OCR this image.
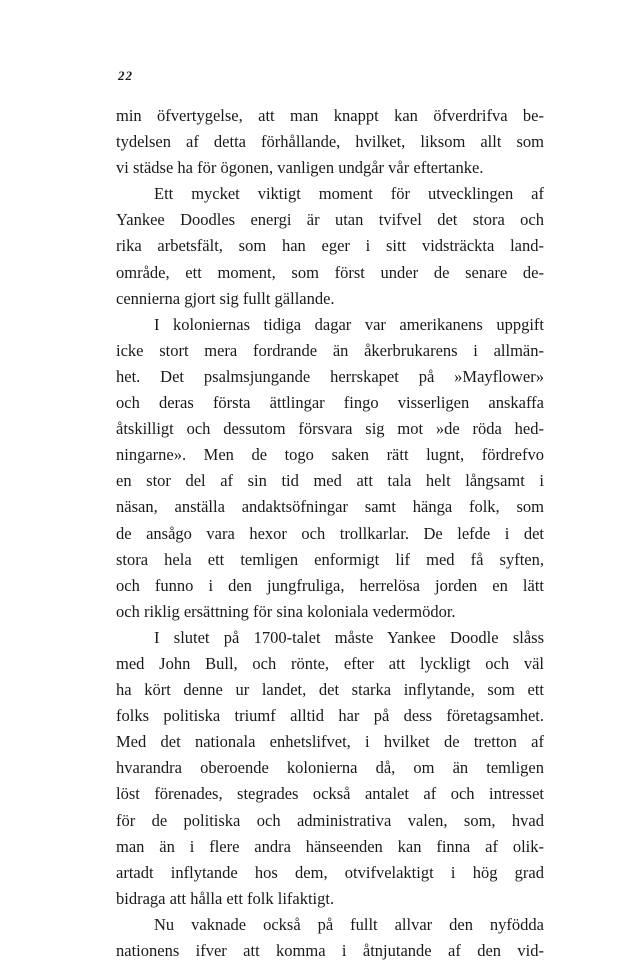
22
min öfvertygelse, att man knappt kan öfverdrifva be-
tydelsen af detta förhållande, hvilket, liksom allt som
vi städse ha för ögonen, vanligen undgår vår eftertanke.
Ett mycket viktigt moment för utvecklingen af
Yankee Doodles energi är utan tvifvel det stora och
rika arbetsfält, som han eger i sitt vidsträckta land-
område, ett moment, som först under de senare de-
cennierna gjort sig fullt gällande.
I koloniernas tidiga dagar var amerikanens uppgift
icke stort mera fordrande än åkerbrukarens i allmän-
het. Det psalmsjungande herrskapet på »Mayflower»
och deras första ättlingar fingo visserligen anskaffa
åtskilligt och dessutom försvara sig mot »de röda hed-
ningarne». Men de togo saken rätt lugnt, fördrefvo
en stor del af sin tid med att tala helt långsamt i
näsan, anställa andaktsöfningar samt hänga folk, som
de ansågo vara hexor och trollkarlar. De lefde i det
stora hela ett temligen enformigt lif med få syften,
och funno i den jungfruliga, herrelösa jorden en lätt
och riklig ersättning för sina koloniala vedermödor.
I slutet på 1700-talet måste Yankee Doodle slåss
med John Bull, och rönte, efter att lyckligt och väl
ha kört denne ur landet, det starka inflytande, som ett
folks politiska triumf alltid har på dess företagsamhet.
Med det nationala enhetslifvet, i hvilket de tretton af
hvarandra oberoende kolonierna då, om än temligen
löst förenades, stegrades också antalet af och intresset
för de politiska och administrativa valen, som, hvad
man än i flere andra hänseenden kan finna af olik-
artadt inflytande hos dem, otvifvelaktigt i hög grad
bidraga att hålla ett folk lifaktigt.
Nu vaknade också på fullt allvar den nyfödda
nationens ifver att komma i åtnjutande af den vid-
